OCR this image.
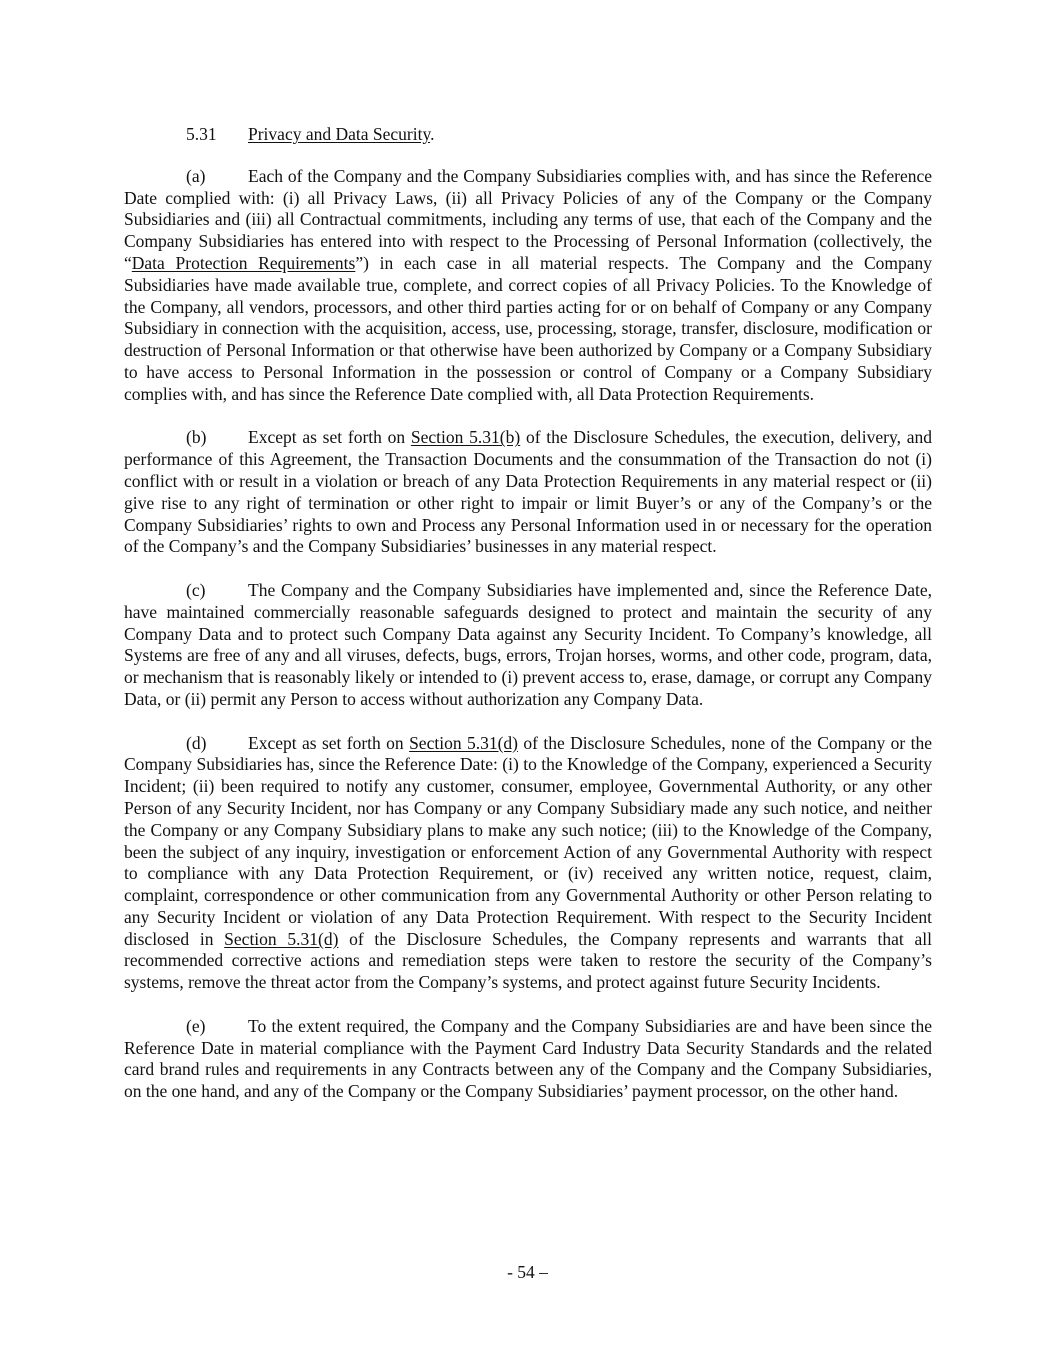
5.31 Privacy and Data Security.

(a) Each of the Company and the Company Subsidiaries complies with, and has since the Reference Date complied with: (i) all Privacy Laws, (ii) all Privacy Policies of any of the Company or the Company Subsidiaries and (iii) all Contractual commitments, including any terms of use, that each of the Company and the Company Subsidiaries has entered into with respect to the Processing of Personal Information (collectively, the “Data Protection Requirements”) in each case in all material respects. The Company and the Company Subsidiaries have made available true, complete, and correct copies of all Privacy Policies. To the Knowledge of the Company, all vendors, processors, and other third parties acting for or on behalf of Company or any Company Subsidiary in connection with the acquisition, access, use, processing, storage, transfer, disclosure, modification or destruction of Personal Information or that otherwise have been authorized by Company or a Company Subsidiary to have access to Personal Information in the possession or control of Company or a Company Subsidiary complies with, and has since the Reference Date complied with, all Data Protection Requirements.

(b) Except as set forth on Section 5.31(b) of the Disclosure Schedules, the execution, delivery, and performance of this Agreement, the Transaction Documents and the consummation of the Transaction do not (i) conflict with or result in a violation or breach of any Data Protection Requirements in any material respect or (ii) give rise to any right of termination or other right to impair or limit Buyer’s or any of the Company’s or the Company Subsidiaries’ rights to own and Process any Personal Information used in or necessary for the operation of the Company’s and the Company Subsidiaries’ businesses in any material respect.

(c) The Company and the Company Subsidiaries have implemented and, since the Reference Date, have maintained commercially reasonable safeguards designed to protect and maintain the security of any Company Data and to protect such Company Data against any Security Incident. To Company’s knowledge, all Systems are free of any and all viruses, defects, bugs, errors, Trojan horses, worms, and other code, program, data, or mechanism that is reasonably likely or intended to (i) prevent access to, erase, damage, or corrupt any Company Data, or (ii) permit any Person to access without authorization any Company Data.

(d) Except as set forth on Section 5.31(d) of the Disclosure Schedules, none of the Company or the Company Subsidiaries has, since the Reference Date: (i) to the Knowledge of the Company, experienced a Security Incident; (ii) been required to notify any customer, consumer, employee, Governmental Authority, or any other Person of any Security Incident, nor has Company or any Company Subsidiary made any such notice, and neither the Company or any Company Subsidiary plans to make any such notice; (iii) to the Knowledge of the Company, been the subject of any inquiry, investigation or enforcement Action of any Governmental Authority with respect to compliance with any Data Protection Requirement, or (iv) received any written notice, request, claim, complaint, correspondence or other communication from any Governmental Authority or other Person relating to any Security Incident or violation of any Data Protection Requirement. With respect to the Security Incident disclosed in Section 5.31(d) of the Disclosure Schedules, the Company represents and warrants that all recommended corrective actions and remediation steps were taken to restore the security of the Company’s systems, remove the threat actor from the Company’s systems, and protect against future Security Incidents.

(e) To the extent required, the Company and the Company Subsidiaries are and have been since the Reference Date in material compliance with the Payment Card Industry Data Security Standards and the related card brand rules and requirements in any Contracts between any of the Company and the Company Subsidiaries, on the one hand, and any of the Company or the Company Subsidiaries’ payment processor, on the other hand.

- 54 –
